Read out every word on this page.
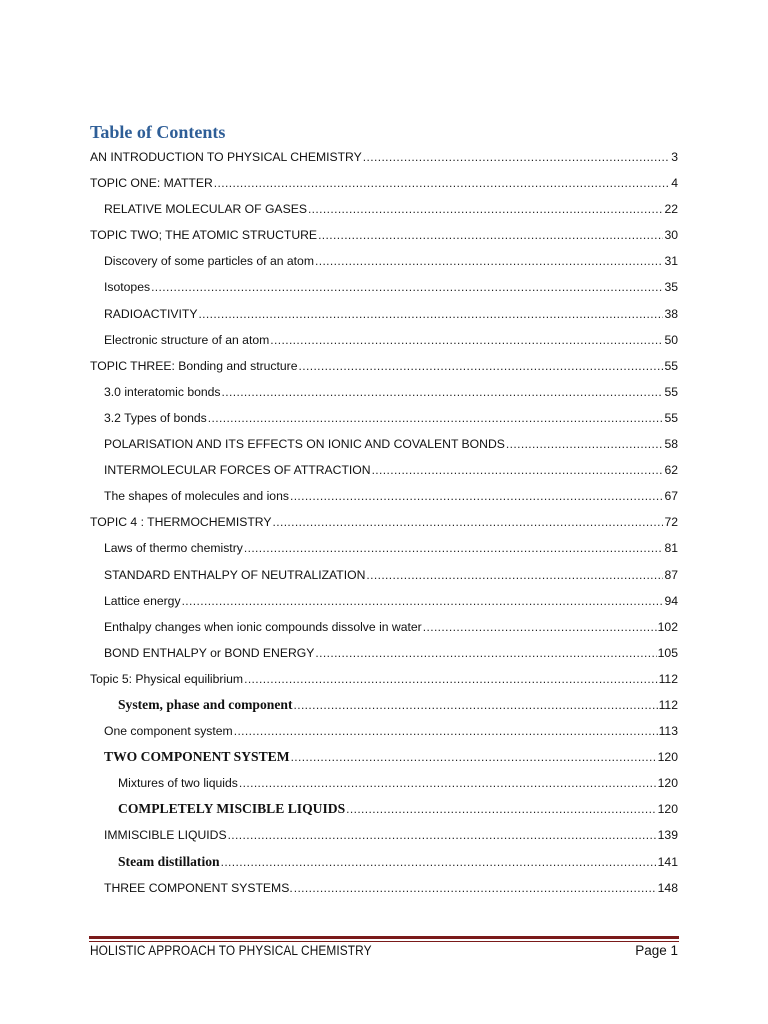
Table of Contents
AN INTRODUCTION TO PHYSICAL CHEMISTRY .....	3
TOPIC ONE: MATTER .....	4
RELATIVE MOLECULAR OF GASES .....	22
TOPIC TWO; THE ATOMIC STRUCTURE .....	30
Discovery of some particles of an atom .....	31
Isotopes .....	35
RADIOACTIVITY .....	38
Electronic structure of an atom .....	50
TOPIC THREE: Bonding and structure .....	55
3.0 interatomic bonds .....	55
3.2 Types of bonds .....	55
POLARISATION AND ITS EFFECTS ON IONIC AND COVALENT BONDS .....	58
INTERMOLECULAR FORCES OF ATTRACTION .....	62
The shapes of molecules and ions .....	67
TOPIC 4 : THERMOCHEMISTRY .....	72
Laws of thermo chemistry .....	81
STANDARD ENTHALPY OF NEUTRALIZATION .....	87
Lattice energy .....	94
Enthalpy changes when ionic compounds dissolve in water .....	102
BOND ENTHALPY or BOND ENERGY .....	105
Topic 5: Physical equilibrium .....	112
System, phase and component .....	112
One component system .....	113
TWO COMPONENT SYSTEM .....	120
Mixtures of two liquids .....	120
COMPLETELY MISCIBLE LIQUIDS .....	120
IMMISCIBLE LIQUIDS .....	139
Steam distillation .....	141
THREE COMPONENT SYSTEMS. .....	148
HOLISTIC APPROACH TO PHYSICAL CHEMISTRY	Page 1
